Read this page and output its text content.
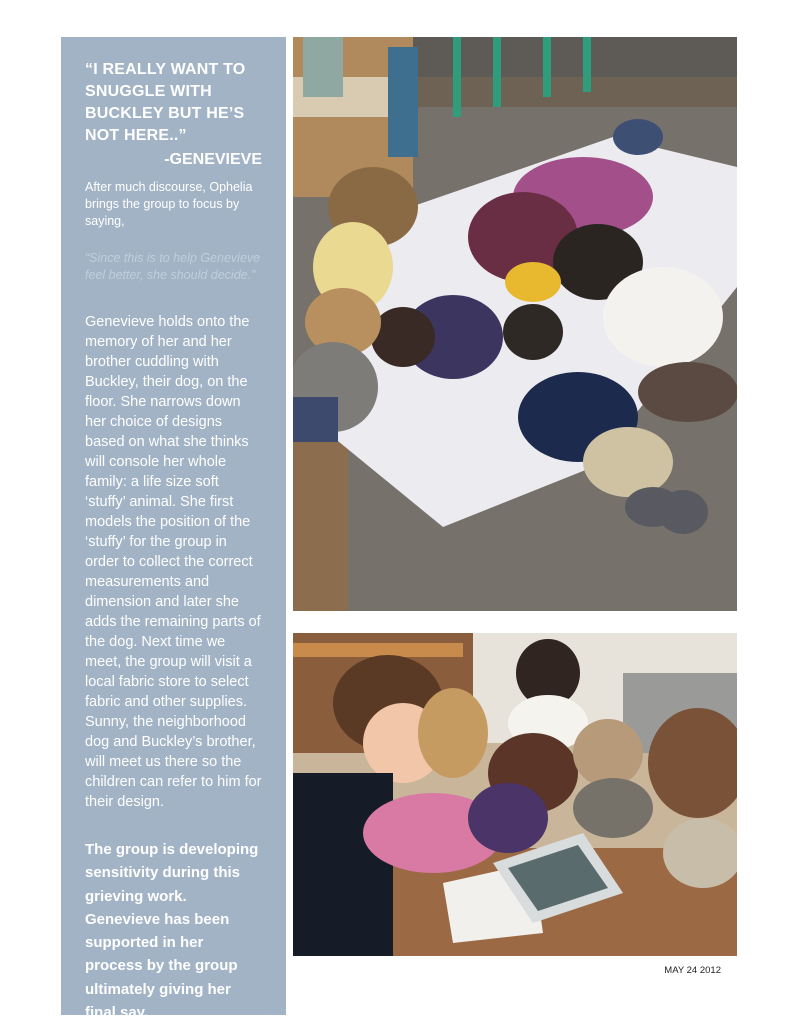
“I REALLY WANT TO SNUGGLE WITH BUCKLEY BUT HE’S NOT HERE..”

-GENEVIEVE
After much discourse, Ophelia brings the group to focus by saying,
“Since this is to help Genevieve feel better, she should decide.”
Genevieve holds onto the memory of her and her brother cuddling with Buckley, their dog, on the floor. She narrows down her choice of designs based on what she thinks will console her whole family: a life size soft ‘stuffy’ animal. She first models the position of the ‘stuffy’ for the group in order to collect the correct measurements and dimension and later she adds the remaining parts of the dog. Next time we meet, the group will visit a local fabric store to select fabric and other supplies. Sunny, the neighborhood dog and Buckley’s brother, will meet us there so the children can refer to him for their design.
The group is developing sensitivity during this grieving work. Genevieve has been supported in her process by the group ultimately giving her final say.
MAY 24 2012
